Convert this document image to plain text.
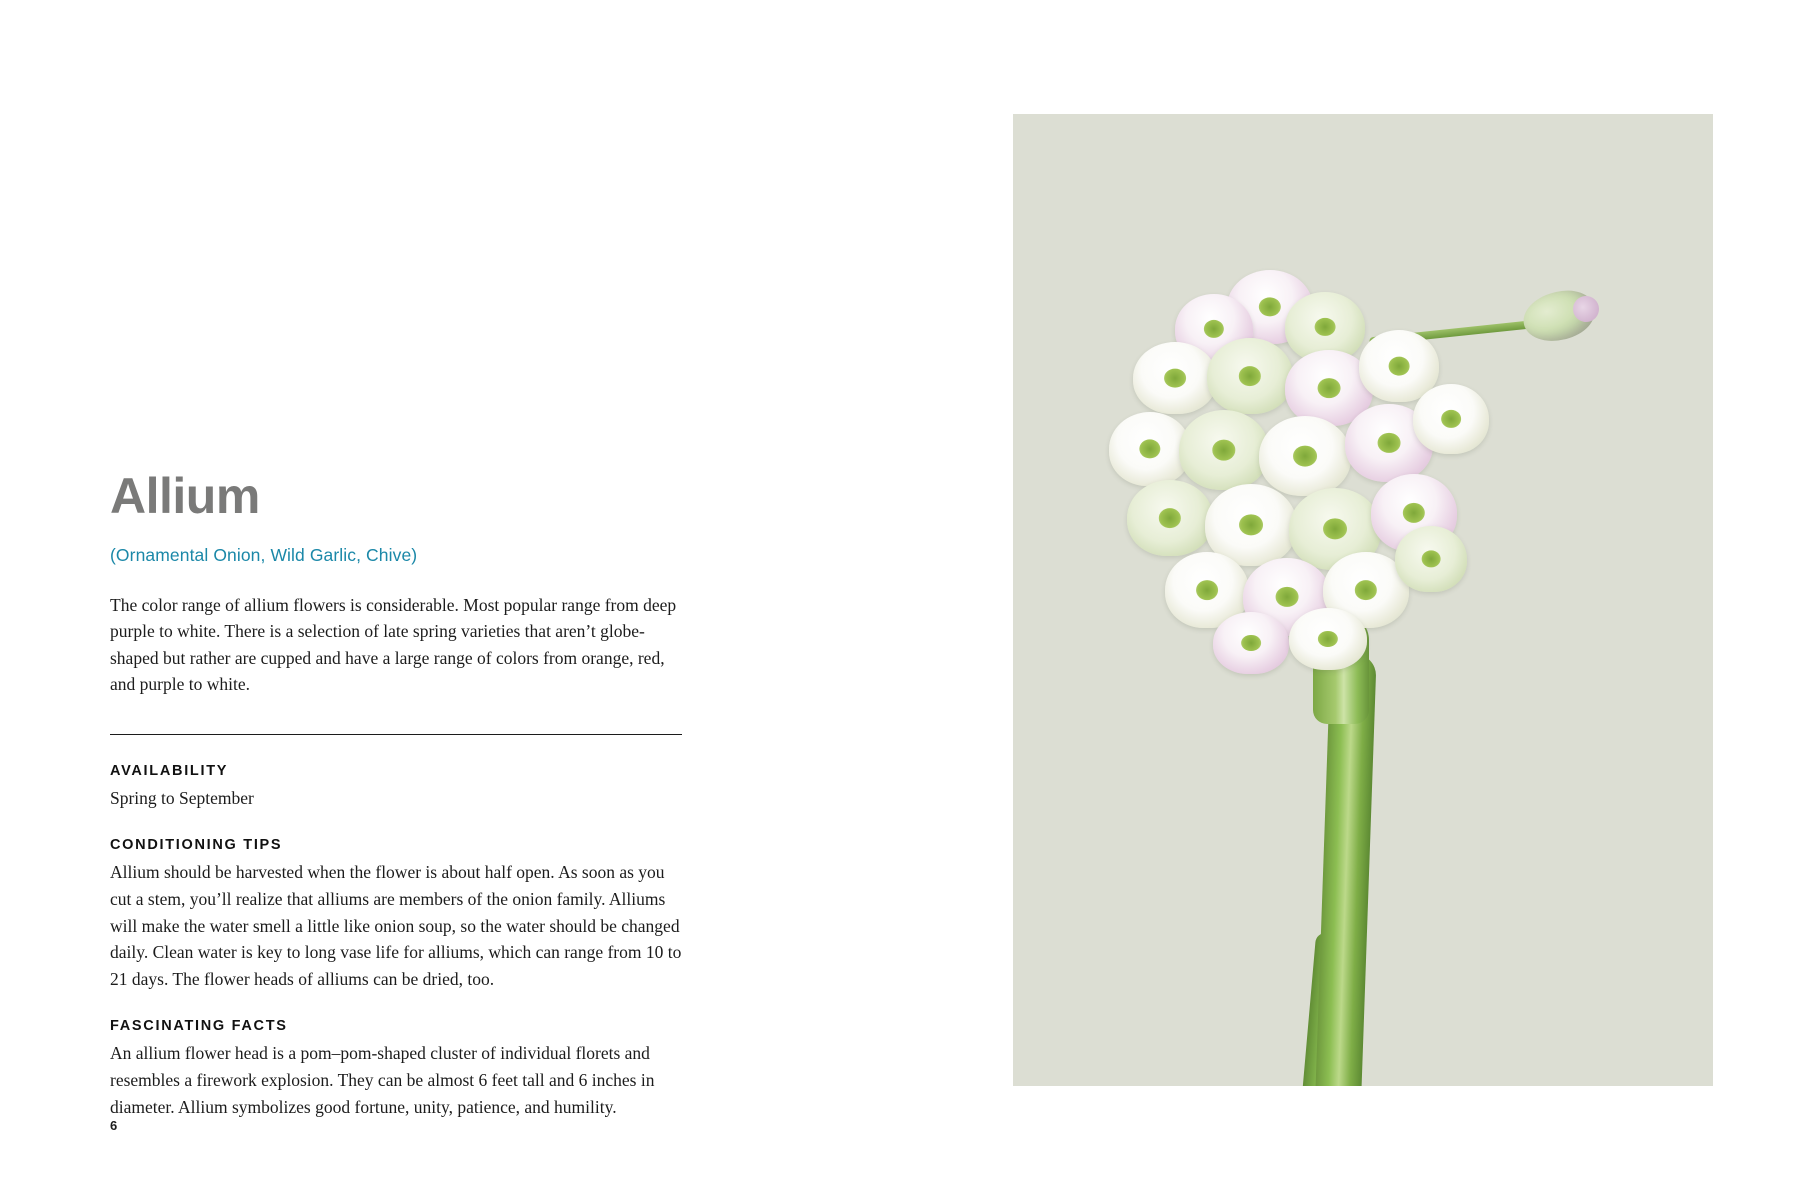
Allium
(Ornamental Onion, Wild Garlic, Chive)

The color range of allium flowers is considerable. Most popular range from deep purple to white. There is a selection of late spring varieties that aren’t globe-shaped but rather are cupped and have a large range of colors from orange, red, and purple to white.

AVAILABILITY

Spring to September

CONDITIONING TIPS

Allium should be harvested when the flower is about half open. As soon as you cut a stem, you’ll realize that alliums are members of the onion family. Alliums will make the water smell a little like onion soup, so the water should be changed daily. Clean water is key to long vase life for alliums, which can range from 10 to 21 days. The flower heads of alliums can be dried, too.

FASCINATING FACTS

An allium flower head is a pom–pom-shaped cluster of individual florets and resembles a firework explosion. They can be almost 6 feet tall and 6 inches in diameter. Allium symbolizes good fortune, unity, patience, and humility.

6
